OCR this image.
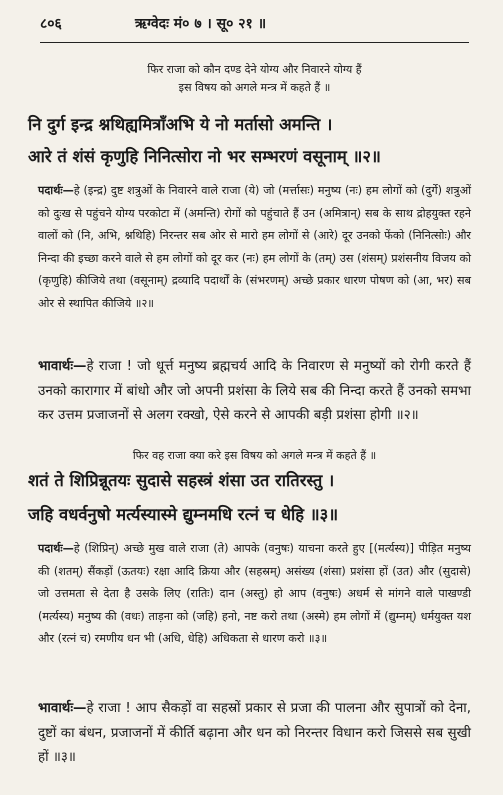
८०६	ऋग्वेदः मं० ७ । सू० २१ ॥
फिर राजा को कौन दण्ड देने योग्य और निवारने योग्य हैं
इस विषय को अगले मन्त्र में कहते हैं ॥
नि दुर्ग इन्द्र श्नथिह्यमित्राँअभि ये नो मर्तासो अमन्ति ।
आरे तं शंसं कृणुहि निनित्सोरा नो भर सम्भरणं वसूनाम् ॥२॥
पदार्थः—हे (इन्द्र) दुष्ट शत्रुओं के निवारने वाले राजा (ये) जो (मर्त्तासः) मनुष्य (नः) हम लोगों को (दुर्गे) शत्रुओं को दुःख से पहुंचने योग्य परकोटा में (अमन्ति) रोगों को पहुंचाते हैं उन (अमित्रान्) सब के साथ द्रोहयुक्त रहने वालों को (नि, अभि, श्नथिहि) निरन्तर सब ओर से मारो हम लोगों से (आरे) दूर उनको फेंको (निनित्सोः) और निन्दा की इच्छा करने वाले से हम लोगों को दूर कर (नः) हम लोगों के (तम्) उस (शंसम्) प्रशंसनीय विजय को (कृणुहि) कीजिये तथा (वसूनाम्) द्रव्यादि पदार्थों के (संभरणम्) अच्छे प्रकार धारण पोषण को (आ, भर) सब ओर से स्थापित कीजिये ॥२॥
भावार्थः—हे राजा ! जो धूर्त्त मनुष्य ब्रह्मचर्य आदि के निवारण से मनुष्यों को रोगी करते हैं उनको कारागार में बांधो और जो अपनी प्रशंसा के लिये सब की निन्दा करते हैं उनको समभा कर उत्तम प्रजाजनों से अलग रक्खो, ऐसे करने से आपकी बड़ी प्रशंसा होगी ॥२॥
फिर वह राजा क्या करे इस विषय को अगले मन्त्र में कहते हैं ॥
शतं ते शिप्रिन्नूतयः सुदासे सहस्त्रं शंसा उत रातिरस्तु ।
जहि वधर्वनुषो मर्त्यस्यास्मे द्युम्नमधि रत्नं च धेहि ॥३॥
पदार्थः—हे (शिप्रिन्) अच्छे मुख वाले राजा (ते) आपके (वनुषः) याचना करते हुए [(मर्त्यस्य)] पीड़ित मनुष्य की (शतम्) सैंकड़ों (ऊतयः) रक्षा आदि क्रिया और (सहस्रम्) असंख्य (शंसा) प्रशंसा हों (उत) और (सुदासे) जो उत्तमता से देता है उसके लिए (रातिः) दान (अस्तु) हो आप (वनुषः) अधर्म से मांगने वाले पाखण्डी (मर्त्यस्य) मनुष्य की (वधः) ताड़ना को (जहि) हनो, नष्ट करो तथा (अस्मे) हम लोगों में (द्युम्नम्) धर्मयुक्त यश और (रत्नं च) रमणीय धन भी (अधि, धेहि) अधिकता से धारण करो ॥३॥
भावार्थः—हे राजा ! आप सैकड़ों वा सहस्रों प्रकार से प्रजा की पालना और सुपात्रों को देना, दुष्टों का बंधन, प्रजाजनों में कीर्ति बढ़ाना और धन को निरन्तर विधान करो जिससे सब सुखी हों ॥३॥
